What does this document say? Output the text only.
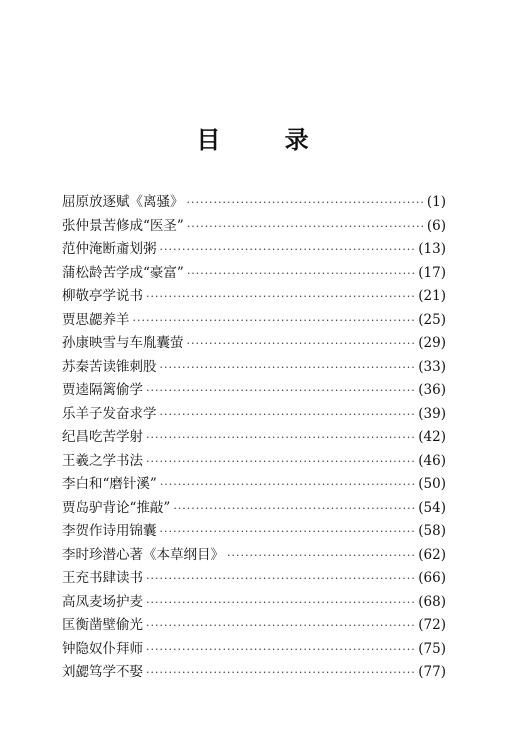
目 录
屈原放逐赋《离骚》 ·····	(1)
张仲景苦修成“医圣” ·····	(6)
范仲淹断齑划粥 ·····	(13)
蒲松龄苦学成“豪富” ·····	(17)
柳敬亭学说书 ·····	(21)
贾思勰养羊 ·····	(25)
孙康映雪与车胤囊萤 ·····	(29)
苏秦苦读锥刺股 ·····	(33)
贾逵隔篱偷学 ·····	(36)
乐羊子发奋求学 ·····	(39)
纪昌吃苦学射 ·····	(42)
王羲之学书法 ·····	(46)
李白和“磨针溪” ·····	(50)
贾岛驴背论“推敲” ·····	(54)
李贺作诗用锦囊 ·····	(58)
李时珍潜心著《本草纲目》 ·····	(62)
王充书肆读书 ·····	(66)
高凤麦场护麦 ·····	(68)
匡衡凿壁偷光 ·····	(72)
钟隐奴仆拜师 ·····	(75)
刘勰笃学不娶 ·····	(77)
